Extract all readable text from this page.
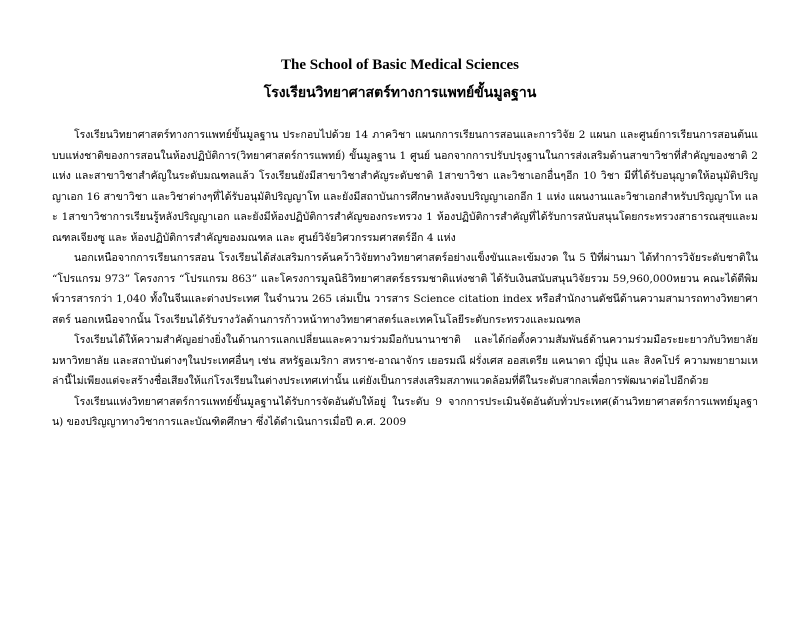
The School of Basic Medical Sciences
โรงเรียนวิทยาศาสตร์ทางการแพทย์ขั้นมูลฐาน

โรงเรียนวิทยาศาสตร์ทางการแพทย์ขั้นมูลฐาน ประกอบไปด้วย 14 ภาควิชา แผนกการเรียนการสอนและการวิจัย 2 แผนก และศูนย์การเรียนการสอนต้นแบบแห่งชาติของการสอนในห้องปฏิบัติการ(วิทยาศาสตร์การแพทย์) ขั้นมูลฐาน 1 ศูนย์ นอกจากการปรับปรุงฐานในการส่งเสริมด้านสาขาวิชาที่สำคัญของชาติ 2 แห่ง และสาขาวิชาสำคัญในระดับมณฑลแล้ว โรงเรียนยังมีสาขาวิชาสำคัญระดับชาติ 1สาขาวิชา และวิชาเอกอื่นๆอีก 10 วิชา มีที่ได้รับอนุญาตให้อนุมัติปริญญาเอก 16 สาขาวิชา และวิชาต่างๆที่ได้รับอนุมัติปริญญาโท และยังมีสถาบันการศึกษาหลังจบปริญญาเอกอีก 1 แห่ง แผนงานและวิชาเอกสำหรับปริญญาโท และ 1สาขาวิชาการเรียนรู้หลังปริญญาเอก และยังมีห้องปฏิบัติการสำคัญของกระทรวง 1 ห้องปฏิบัติการสำคัญที่ได้รับการสนับสนุนโดยกระทรวงสาธารณสุขและมณฑลเจียงซู และ ห้องปฏิบัติการสำคัญของมณฑล และ ศูนย์วิจัยวิศวกรรมศาสตร์อีก 4 แห่ง

นอกเหนือจากการเรียนการสอน โรงเรียนได้ส่งเสริมการค้นคว้าวิจัยทางวิทยาศาสตร์อย่างแข็งขันและเข้มงวด ใน 5 ปีที่ผ่านมา ได้ทำการวิจัยระดับชาติใน “โปรแกรม 973” โครงการ “โปรแกรม 863” และโครงการมูลนิธิวิทยาศาสตร์ธรรมชาติแห่งชาติ ได้รับเงินสนับสนุนวิจัยรวม 59,960,000หยวน คณะได้ตีพิมพ์วารสารกว่า 1,040 ทั้งในจีนและต่างประเทศ ในจำนวน 265 เล่มเป็น วารสาร Science citation index หรือสำนักงานดัชนีด้านความสามารถทางวิทยาศาสตร์ นอกเหนือจากนั้น โรงเรียนได้รับรางวัลด้านการก้าวหน้าทางวิทยาศาสตร์และเทคโนโลยีระดับกระทรวงและมณฑล

โรงเรียนได้ให้ความสำคัญอย่างยิ่งในด้านการแลกเปลี่ยนและความร่วมมือกับนานาชาติ และได้ก่อตั้งความสัมพันธ์ด้านความร่วมมือระยะยาวกับวิทยาลัย มหาวิทยาลัย และสถาบันต่างๆในประเทศอื่นๆ เช่น สหรัฐอเมริกา สหราช-อาณาจักร เยอรมณี ฝรั่งเศส ออสเตรีย แคนาดา ญี่ปุ่น และ สิงคโปร์ ความพยายามเหล่านี้ไม่เพียงแต่จะสร้างชื่อเสียงให้แก่โรงเรียนในต่างประเทศเท่านั้น แต่ยังเป็นการส่งเสริมสภาพแวดล้อมที่ดีในระดับสากลเพื่อการพัฒนาต่อไปอีกด้วย

โรงเรียนแห่งวิทยาศาสตร์การแพทย์ขั้นมูลฐานได้รับการจัดอันดับให้อยู่ ในระดับ 9 จากการประเมินจัดอันดับทั่วประเทศ(ด้านวิทยาศาสตร์การแพทย์มูลฐาน) ของปริญญาทางวิชาการและบัณฑิตศึกษา ซึ่งได้ดำเนินการเมื่อปี ค.ศ. 2009
